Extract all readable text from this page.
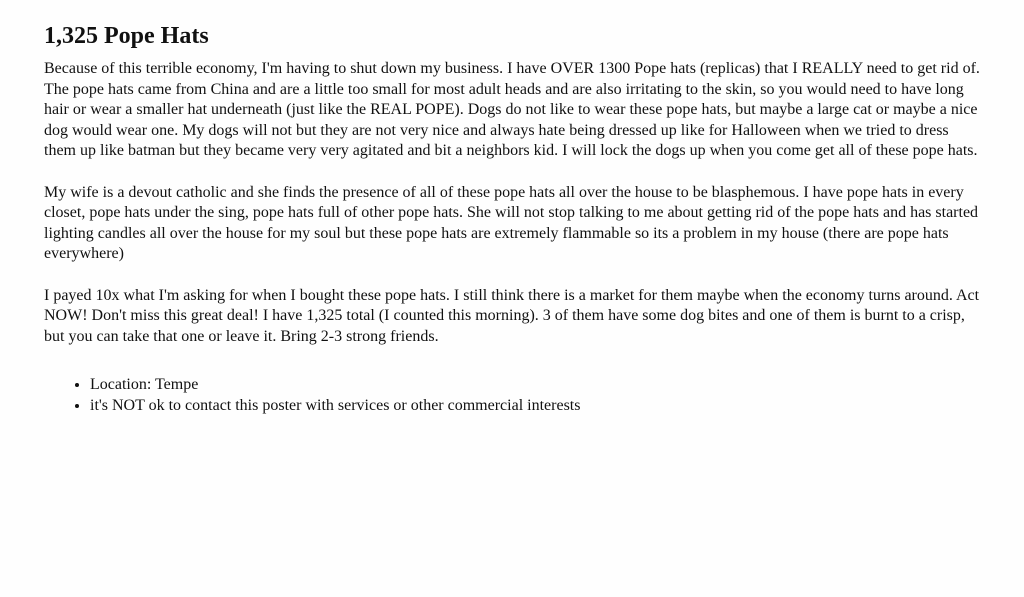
1,325 Pope Hats

Because of this terrible economy, I'm having to shut down my business. I have OVER 1300 Pope hats (replicas) that I REALLY need to get rid of. The pope hats came from China and are a little too small for most adult heads and are also irritating to the skin, so you would need to have long hair or wear a smaller hat underneath (just like the REAL POPE). Dogs do not like to wear these pope hats, but maybe a large cat or maybe a nice dog would wear one. My dogs will not but they are not very nice and always hate being dressed up like for Halloween when we tried to dress them up like batman but they became very very agitated and bit a neighbors kid. I will lock the dogs up when you come get all of these pope hats.

My wife is a devout catholic and she finds the presence of all of these pope hats all over the house to be blasphemous. I have pope hats in every closet, pope hats under the sing, pope hats full of other pope hats. She will not stop talking to me about getting rid of the pope hats and has started lighting candles all over the house for my soul but these pope hats are extremely flammable so its a problem in my house (there are pope hats everywhere)

I payed 10x what I'm asking for when I bought these pope hats. I still think there is a market for them maybe when the economy turns around. Act NOW! Don't miss this great deal! I have 1,325 total (I counted this morning). 3 of them have some dog bites and one of them is burnt to a crisp, but you can take that one or leave it. Bring 2-3 strong friends.

• Location: Tempe
• it's NOT ok to contact this poster with services or other commercial interests
